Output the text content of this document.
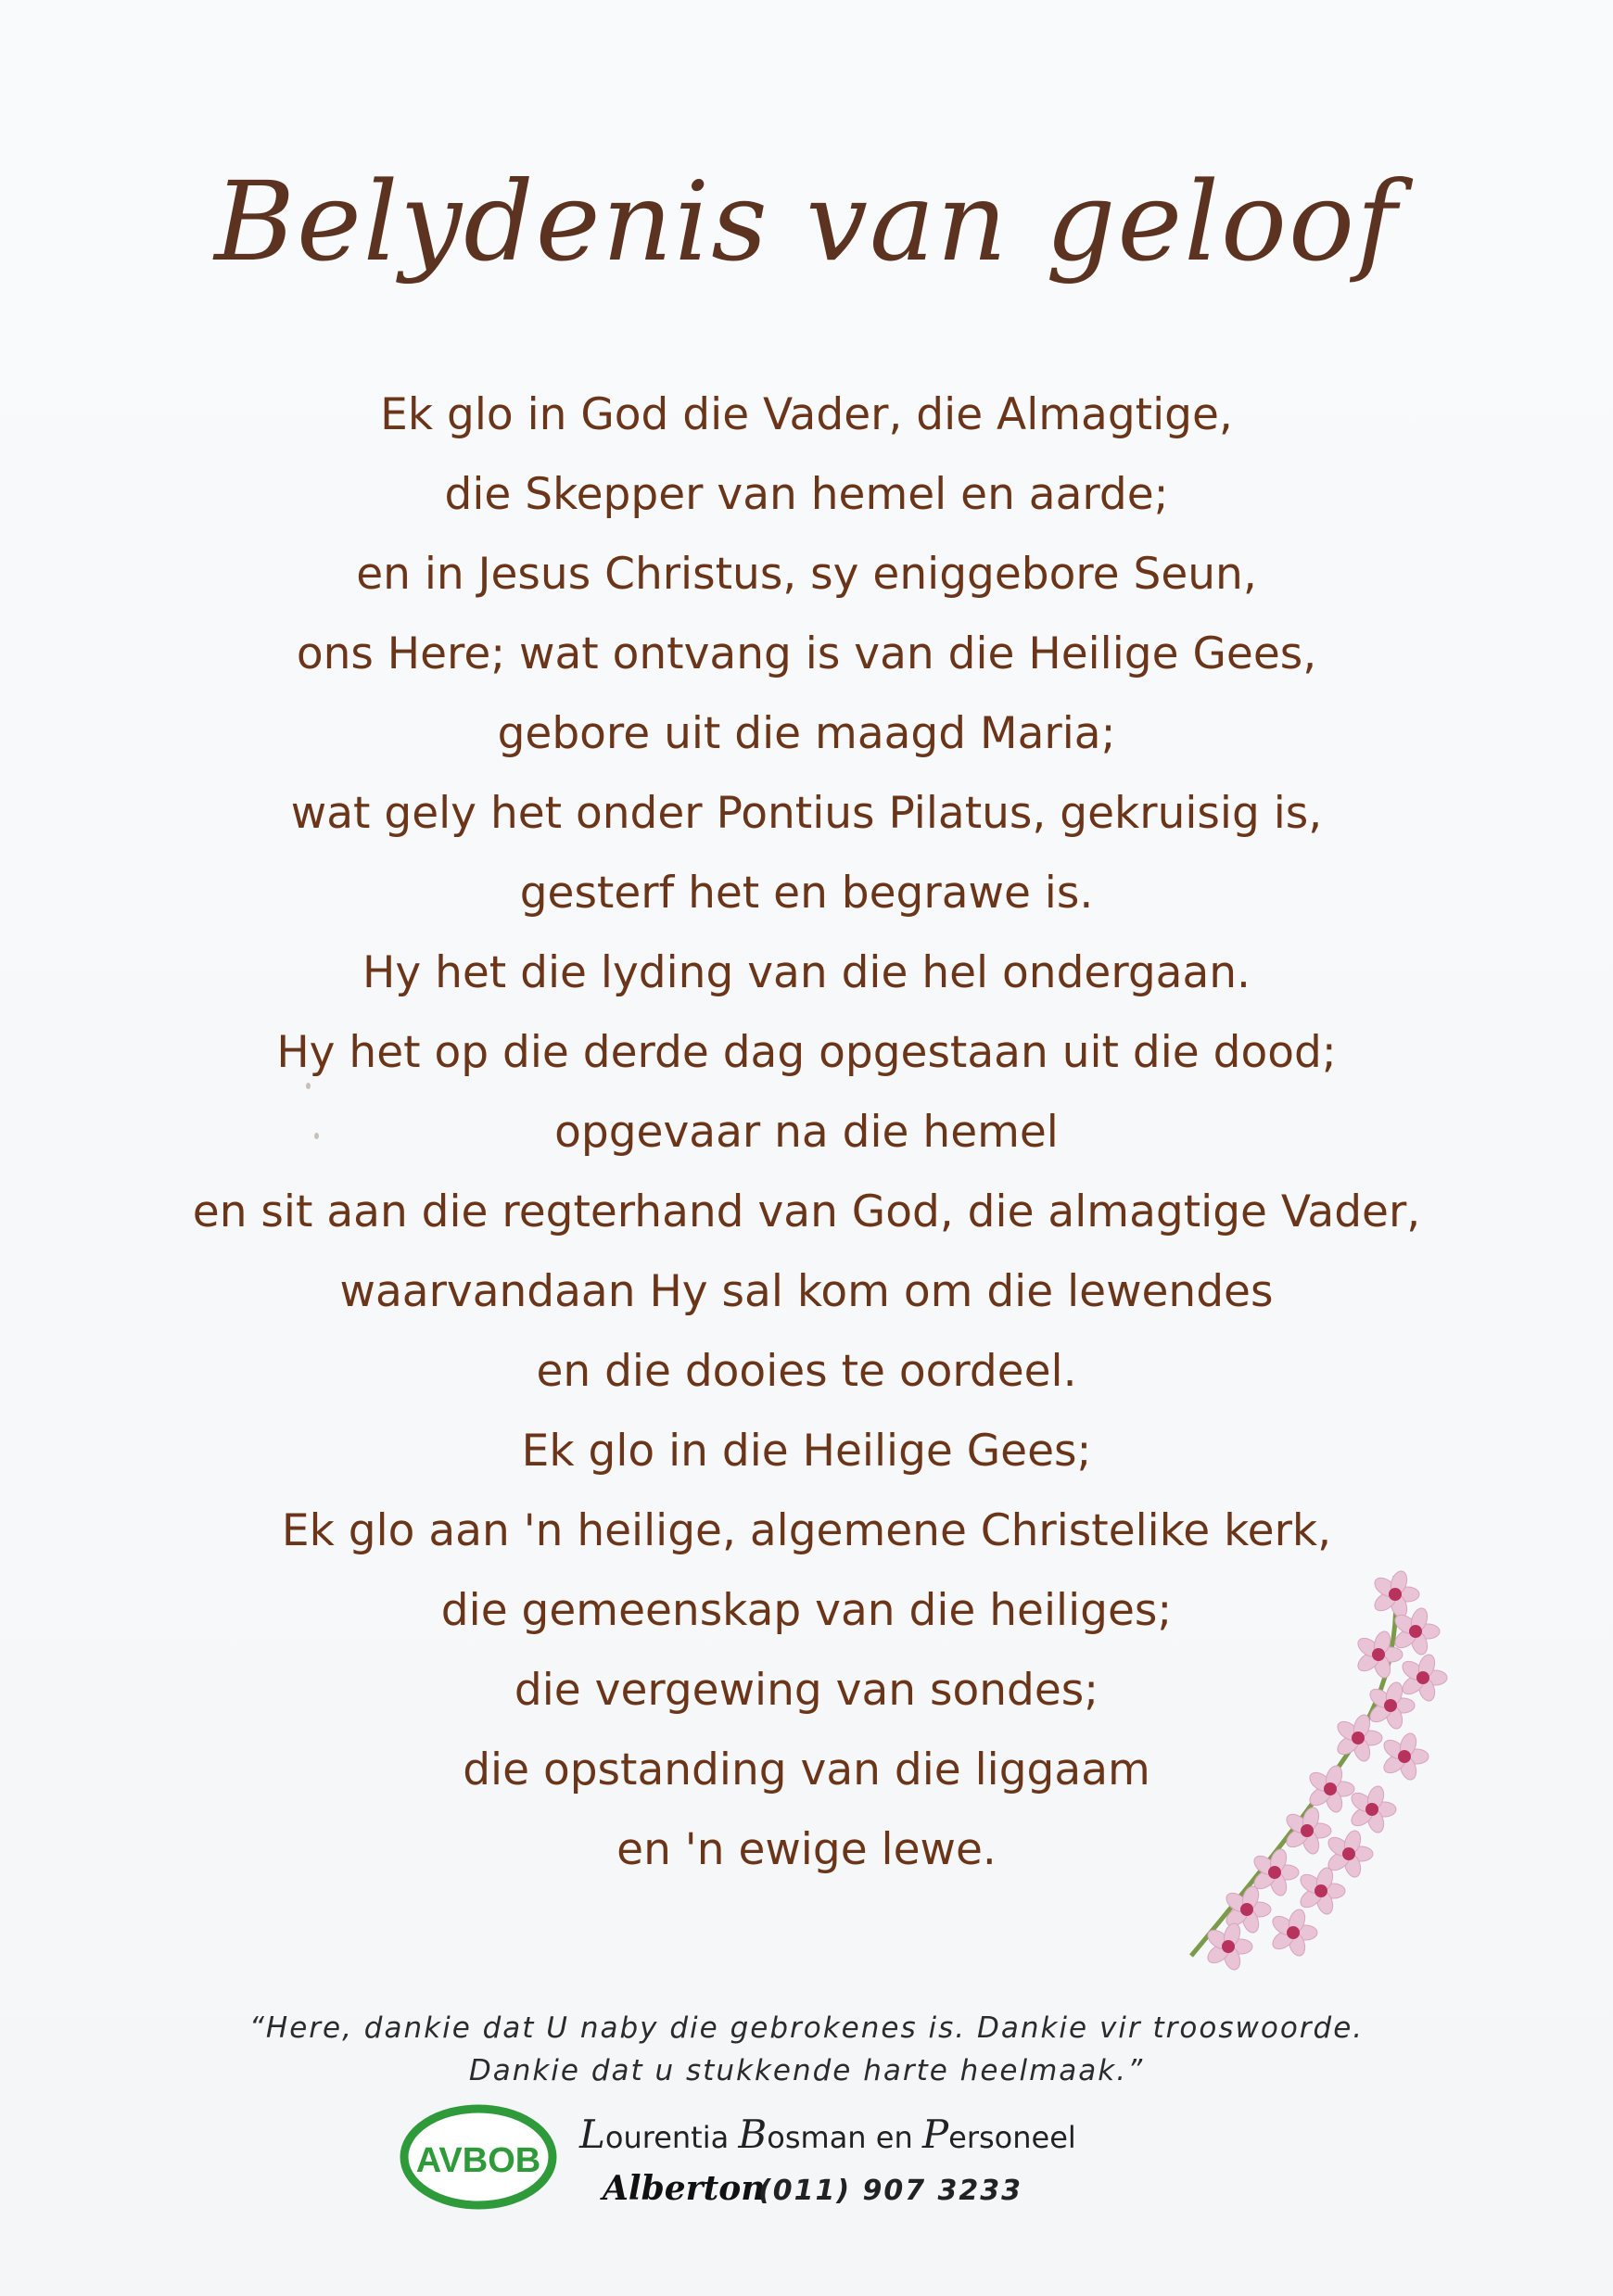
Belydenis van geloof
Ek glo in God die Vader, die Almagtige,
die Skepper van hemel en aarde;
en in Jesus Christus, sy eniggebore Seun,
ons Here; wat ontvang is van die Heilige Gees,
gebore uit die maagd Maria;
wat gely het onder Pontius Pilatus, gekruisig is,
gesterf het en begrawe is.
Hy het die lyding van die hel ondergaan.
Hy het op die derde dag opgestaan uit die dood;
opgevaar na die hemel
en sit aan die regterhand van God, die almagtige Vader,
waarvandaan Hy sal kom om die lewendes
en die dooies te oordeel.
Ek glo in die Heilige Gees;
Ek glo aan 'n heilige, algemene Christelike kerk,
die gemeenskap van die heiliges;
die vergewing van sondes;
die opstanding van die liggaam
en 'n ewige lewe.
“Here, dankie dat U naby die gebrokenes is. Dankie vir trooswoorde.
Dankie dat u stukkende harte heelmaak.”
AVBOB
Lourentia Bosman en Personeel
Alberton
(011) 907 3233
